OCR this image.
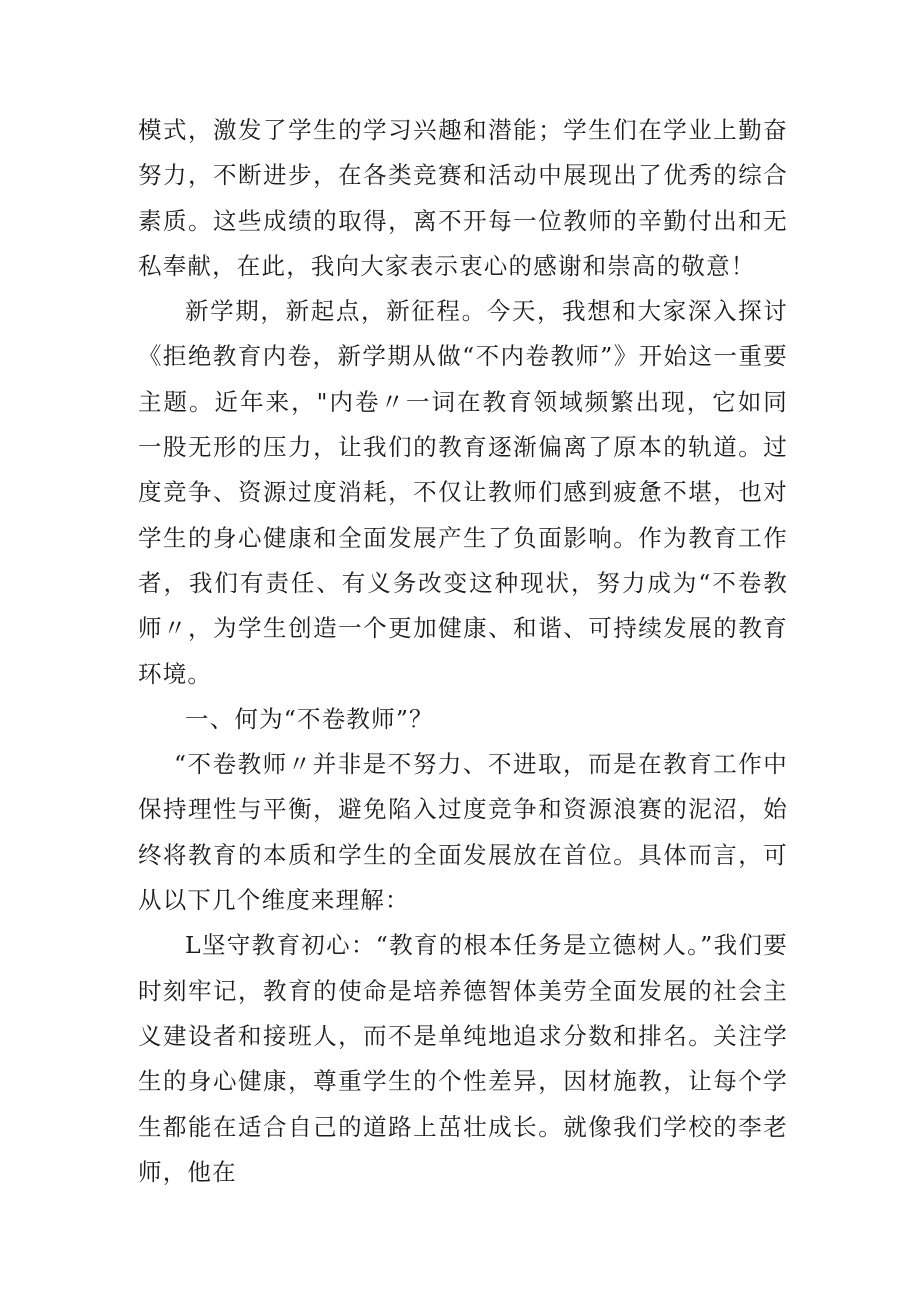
模式，激发了学生的学习兴趣和潜能；学生们在学业上勤奋努力，不断进步，在各类竞赛和活动中展现出了优秀的综合素质。这些成绩的取得，离不开每一位教师的辛勤付出和无私奉献，在此，我向大家表示衷心的感谢和崇高的敬意！

新学期，新起点，新征程。今天，我想和大家深入探讨《拒绝教育内卷，新学期从做“不内卷教师”》开始这一重要主题。近年来，"内卷〃一词在教育领域频繁出现，它如同一股无形的压力，让我们的教育逐渐偏离了原本的轨道。过度竞争、资源过度消耗，不仅让教师们感到疲惫不堪，也对学生的身心健康和全面发展产生了负面影响。作为教育工作者，我们有责任、有义务改变这种现状，努力成为“不卷教师〃，为学生创造一个更加健康、和谐、可持续发展的教育环境。

一、何为“不卷教师”？

“不卷教师〃并非是不努力、不进取，而是在教育工作中保持理性与平衡，避免陷入过度竞争和资源浪赛的泥沼，始终将教育的本质和学生的全面发展放在首位。具体而言，可从以下几个维度来理解：

L坚守教育初心：“教育的根本任务是立德树人。”我们要时刻牢记，教育的使命是培养德智体美劳全面发展的社会主义建设者和接班人，而不是单纯地追求分数和排名。关注学生的身心健康，尊重学生的个性差异，因材施教，让每个学生都能在适合自己的道路上茁壮成长。就像我们学校的李老师，他在
